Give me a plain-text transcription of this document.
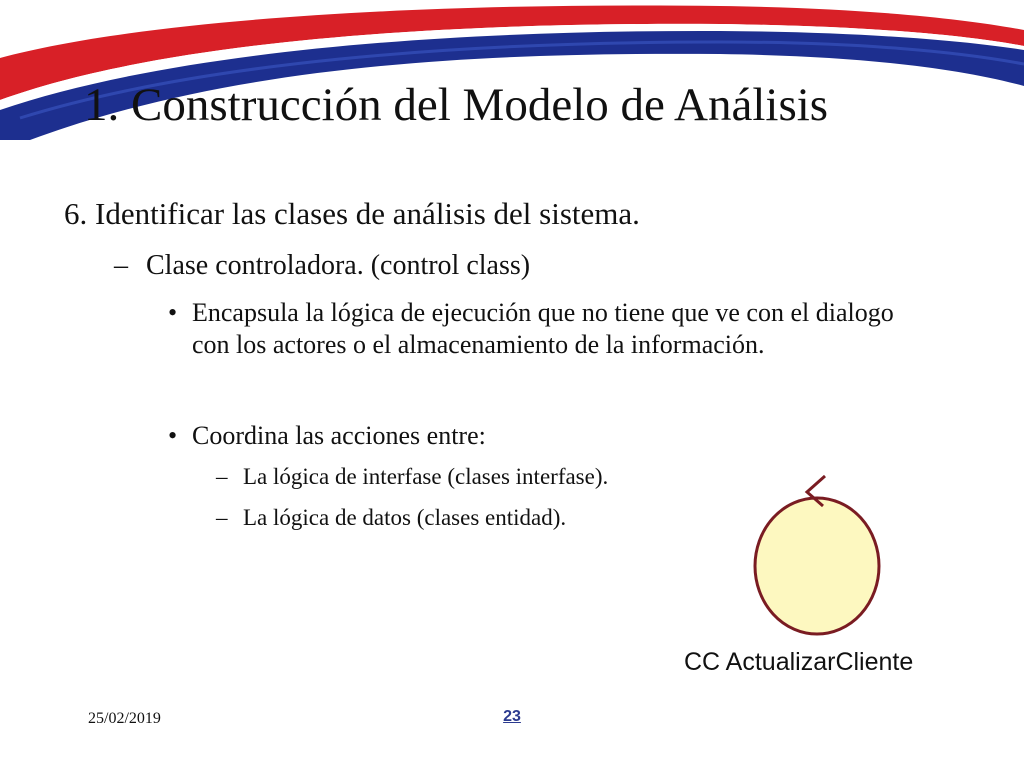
1. Construcción del Modelo de Análisis
6. Identificar las clases de análisis del sistema.
– Clase controladora. (control class)
• Encapsula la lógica de ejecución que no tiene que ve con el dialogo con los actores o el almacenamiento de la información.
• Coordina las acciones entre:
– La lógica de interfase (clases interfase).
– La lógica de datos (clases entidad).
CC ActualizarCliente
25/02/2019	23
